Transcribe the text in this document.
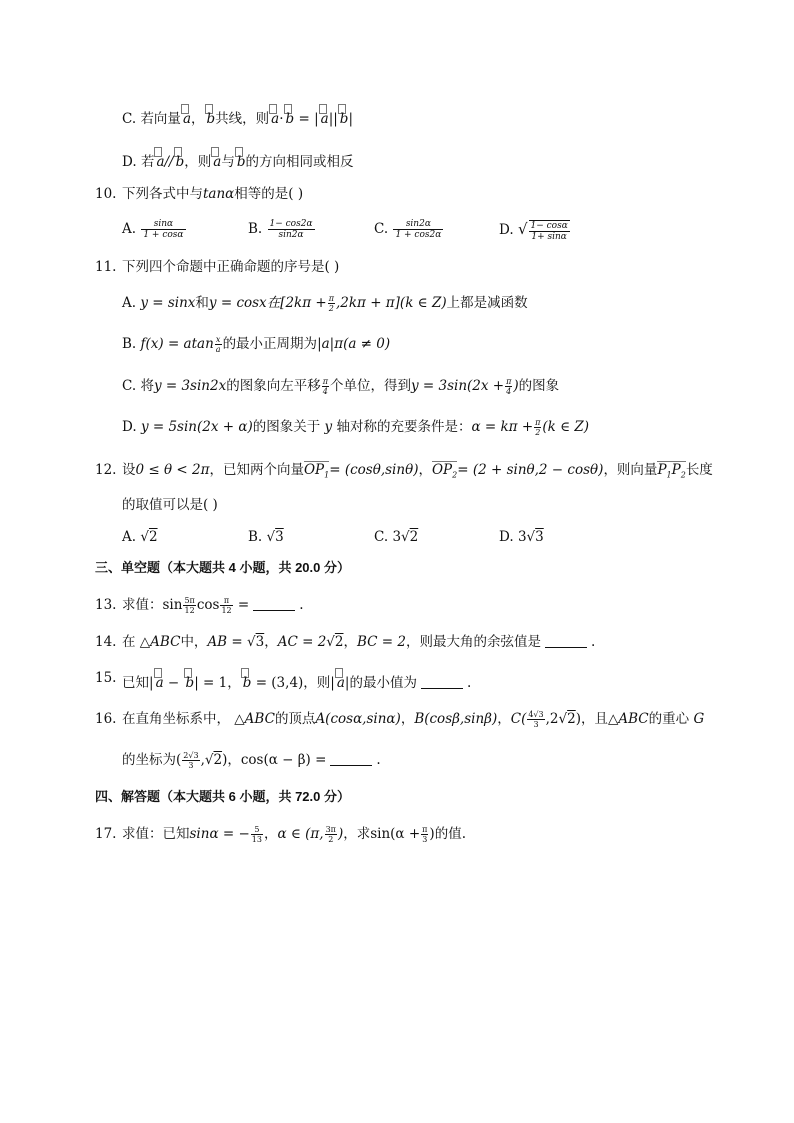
C. 若向量 a， b共线，则 a· b = | a|| b|
D. 若 a// b，则 a与 b的方向相同或相反
10. 下列各式中与tanα相等的是( )
A. $\frac{\sin\alpha}{1 + \cos\alpha}$	B. $\frac{1- \cos 2\alpha}{\sin 2\alpha}$	C. $\frac{\sin 2\alpha}{1 + \cos 2\alpha}$	D. √ $\frac{1- \cos\alpha}{1+ \sin\alpha}$
11. 下列四个命题中正确命题的序号是( )
A. y = sinx和y = cosx在$[2k\pi + \frac{\pi}{2} ,2k\pi + \pi](k$ ∈ Z)上都是减函数
B. f(x) = atan $\frac{x}{a}$ 的最小正周期为|a|π(a ≠ 0)
C. 将y = 3sin2x的图象向左平移 $\frac{\pi}{4}$ 个单位，得到$y = 3\sin(2x + \frac{\pi}{4}$ )的图象
D. y = 5sin(2x + α)的图象关于 y 轴对称的充要条件是：$\alpha = k\pi + \frac{\pi}{2} (k$ ∈ Z)
12. 设0 ≤ θ < 2π，已知两个向量$OP_1= (\cos\theta,\sin\theta)$，$OP_2= (2 + \sin\theta,2 - \cos\theta)$，则向量$P_1P_2$长度
的取值可以是( )
A. √2	B. √3	C. 3√2	D. 3√3
三、单空题（本大题共 4 小题，共 20.0 分）
13. 求值：$\sin \frac{5\pi}{12}$ $\cos \frac{\pi}{12}$ =	.
14. 在 △ABC中，AB = √3，AC = 2√2，BC = 2，则最大角的余弦值是	.
15. 已知| a − b| = 1， b = (3,4)，则| a|的最小值为	.
16. 在直角坐标系中， △ABC的顶点A(cosα,sinα)，B(cosβ,sinβ)，$C( \frac{4√3}{3} ,2√2)$，且△ABC的重心 G
的坐标为( $\frac{2√3}{3} ,√2$)，cos(α − β) =	.
四、解答题（本大题共 6 小题，共 72.0 分）
17. 求值：已知sinα = − $\frac{5}{13}$ ，α ∈ (π, $\frac{3\pi}{2}$ )，求$\sin(\alpha + \frac{\pi}{3}$ )的值.
